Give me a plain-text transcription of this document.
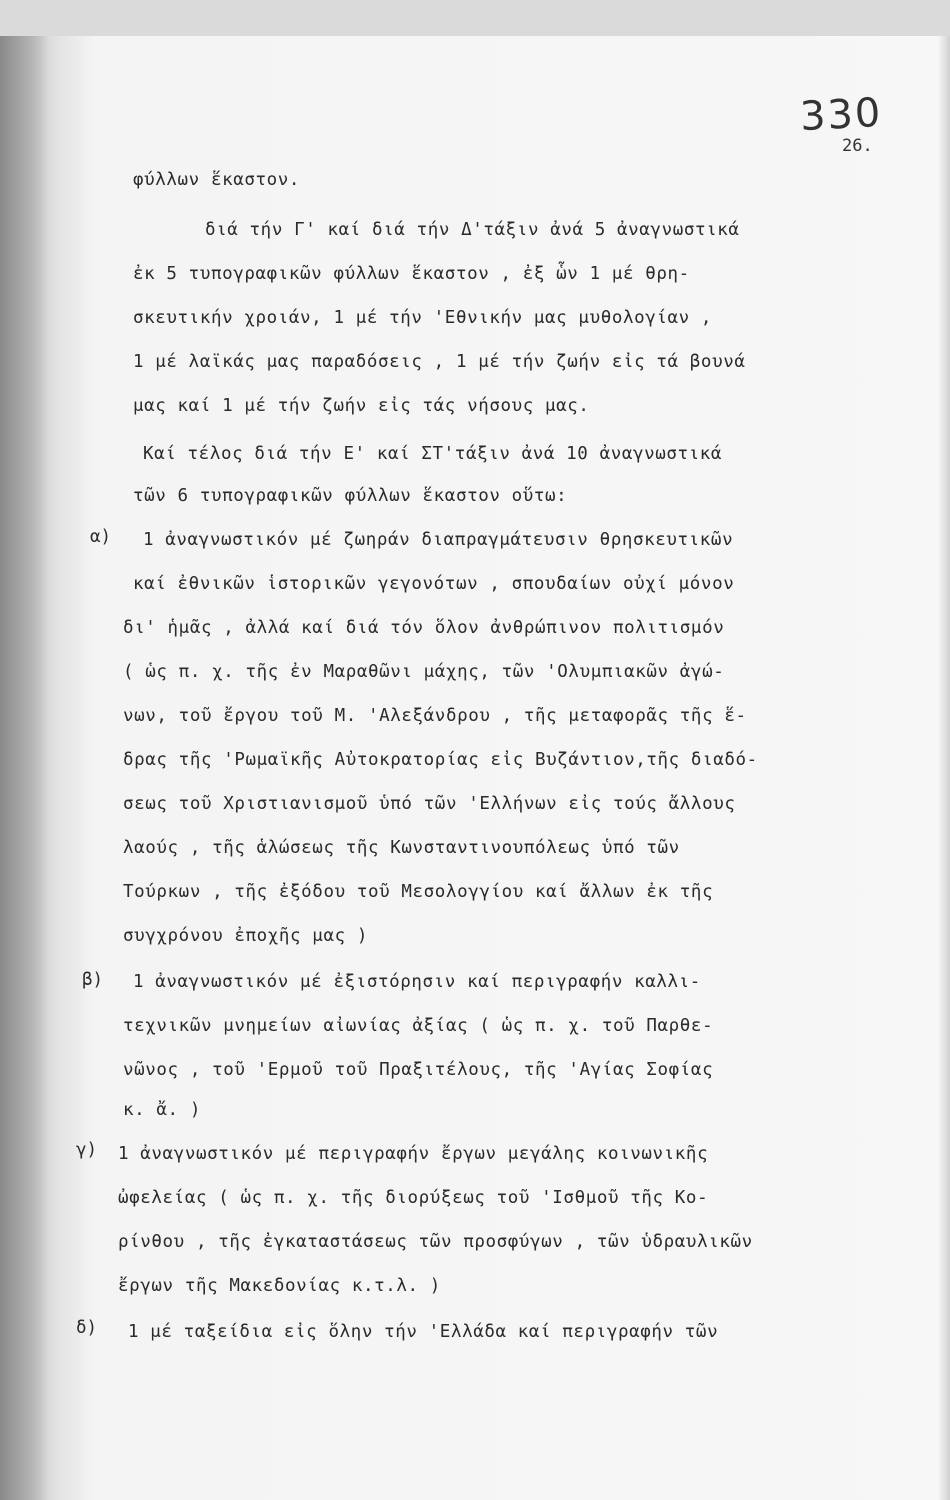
330
26.
φύλλων ἕκαστον.
διά τήν Γ' καί διά τήν Δ'τάξιν ἀνά 5 ἀναγνωστικά
ἐκ 5 τυπογραφικῶν φύλλων ἕκαστον , ἐξ ὧν 1 μέ θρη-
σκευτικήν χροιάν, 1 μέ τήν 'Εθνικήν μας μυθολογίαν ,
1 μέ λαϊκάς μας παραδόσεις , 1 μέ τήν ζωήν εἰς τά βουνά
μας καί 1 μέ τήν ζωήν εἰς τάς νήσους μας.
Καί τέλος διά τήν Ε' καί ΣΤ'τάξιν ἀνά 10 ἀναγνωστικά
τῶν 6 τυπογραφικῶν φύλλων ἕκαστον οὕτω:
α) 1 ἀναγνωστικόν μέ ζωηράν διαπραγμάτευσιν θρησκευτικῶν
καί ἐθνικῶν ἱστορικῶν γεγονότων , σπουδαίων οὐχί μόνον
δι' ἡμᾶς , ἀλλά καί διά τόν ὅλον ἀνθρώπινον πολιτισμόν
( ὡς π. χ. τῆς ἐν Μαραθῶνι μάχης, τῶν 'Ολυμπιακῶν ἀγώ-
νων, τοῦ ἔργου τοῦ Μ. 'Αλεξάνδρου , τῆς μεταφορᾶς τῆς ἕ-
δρας τῆς 'Ρωμαϊκῆς Αὐτοκρατορίας εἰς Βυζάντιον,τῆς διαδό-
σεως τοῦ Χριστιανισμοῦ ὑπό τῶν 'Ελλήνων εἰς τούς ἄλλους
λαούς , τῆς ἁλώσεως τῆς Κωνσταντινουπόλεως ὑπό τῶν
Τούρκων , τῆς ἐξόδου τοῦ Μεσολογγίου καί ἄλλων ἐκ τῆς
συγχρόνου ἐποχῆς μας )
β) 1 ἀναγνωστικόν μέ ἐξιστόρησιν καί περιγραφήν καλλι-
τεχνικῶν μνημείων αἰωνίας ἀξίας ( ὡς π. χ. τοῦ Παρθε-
νῶνος , τοῦ 'Ερμοῦ τοῦ Πραξιτέλους, τῆς 'Αγίας Σοφίας
κ. ἄ. )
γ) 1 ἀναγνωστικόν μέ περιγραφήν ἔργων μεγάλης κοινωνικῆς
ὠφελείας ( ὡς π. χ. τῆς διορύξεως τοῦ 'Ισθμοῦ τῆς Κο-
ρίνθου , τῆς ἐγκαταστάσεως τῶν προσφύγων , τῶν ὑδραυλικῶν
ἔργων τῆς Μακεδονίας κ.τ.λ. )
δ) 1 μέ ταξείδια εἰς ὅλην τήν 'Ελλάδα καί περιγραφήν τῶν
